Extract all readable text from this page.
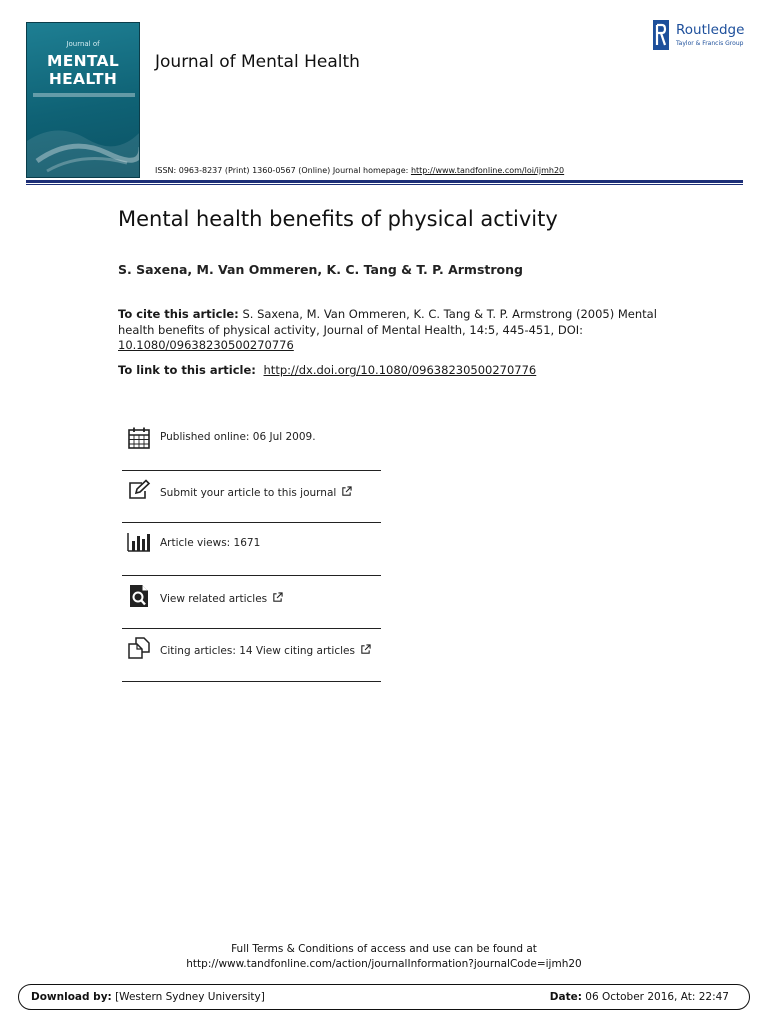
Journal of
MENTAL
HEALTH
Journal of Mental Health
Routledge
Taylor & Francis Group
ISSN: 0963-8237 (Print) 1360-0567 (Online) Journal homepage: http://www.tandfonline.com/loi/ijmh20
Mental health benefits of physical activity
S. Saxena, M. Van Ommeren, K. C. Tang & T. P. Armstrong
To cite this article: S. Saxena, M. Van Ommeren, K. C. Tang & T. P. Armstrong (2005) Mental health benefits of physical activity, Journal of Mental Health, 14:5, 445-451, DOI: 10.1080/09638230500270776
To link to this article: http://dx.doi.org/10.1080/09638230500270776
Published online: 06 Jul 2009.
Submit your article to this journal
Article views: 1671
View related articles
Citing articles: 14 View citing articles
Full Terms & Conditions of access and use can be found at
http://www.tandfonline.com/action/journalInformation?journalCode=ijmh20
Download by: [Western Sydney University]	Date: 06 October 2016, At: 22:47
